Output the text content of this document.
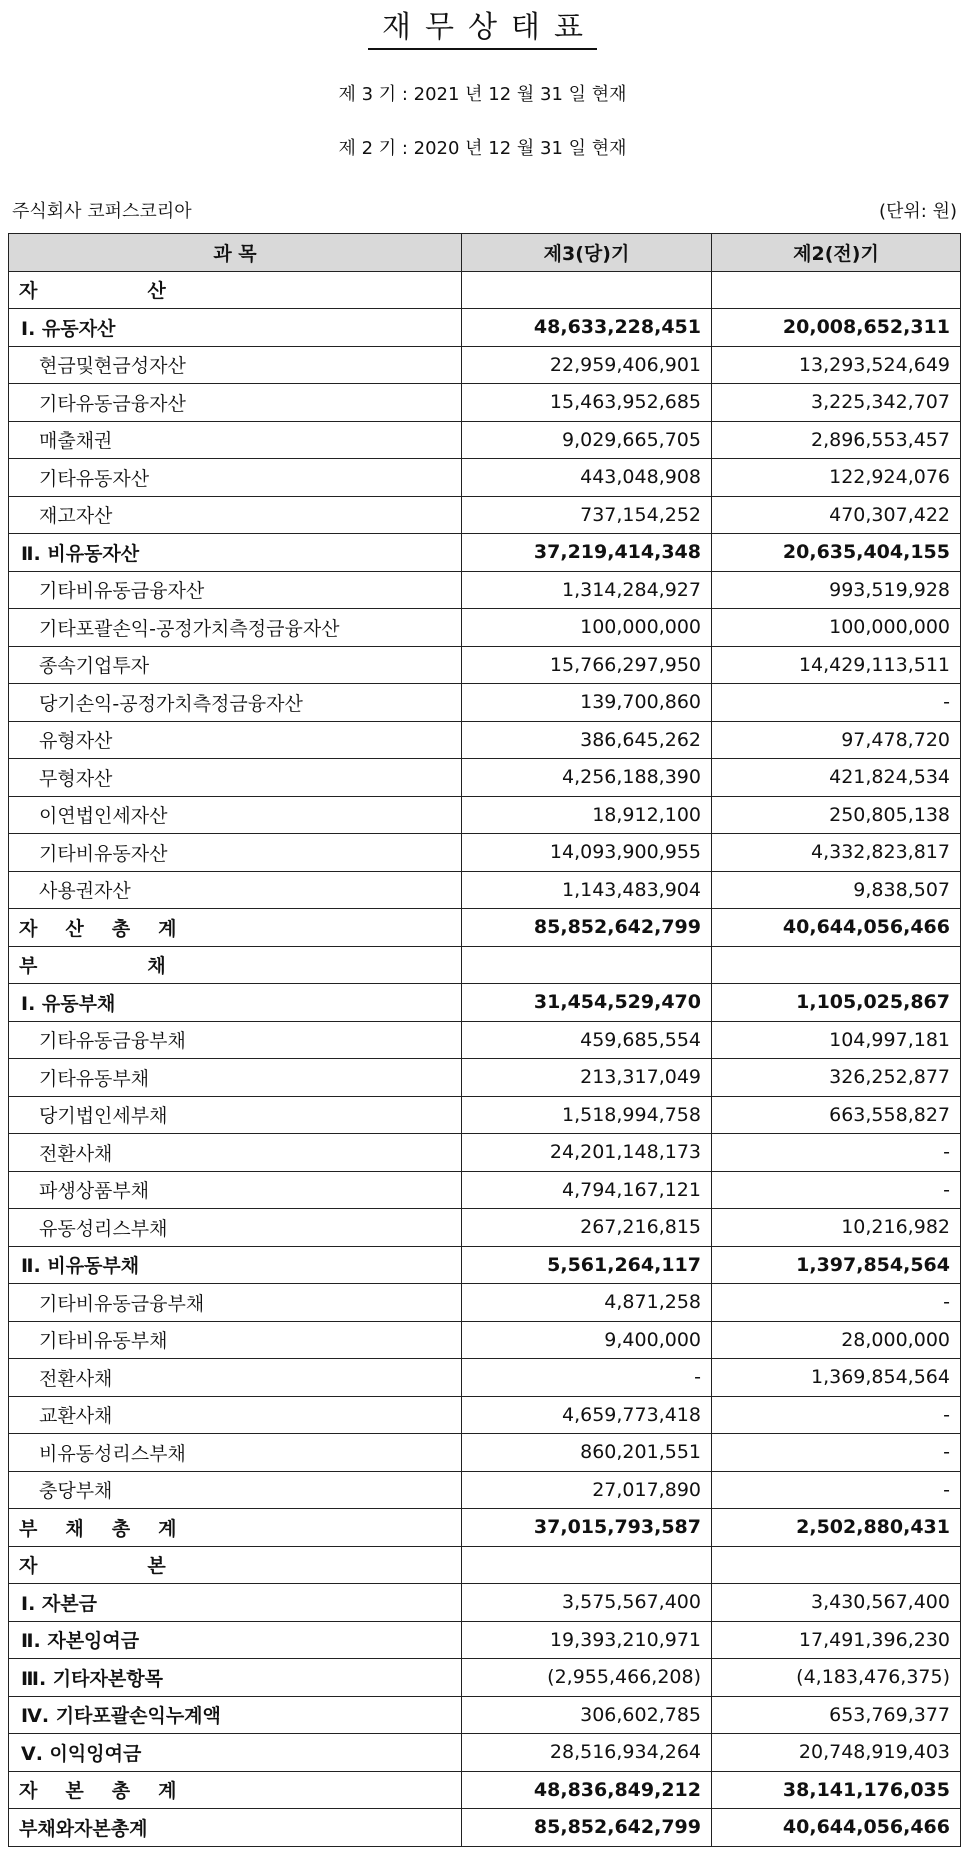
재무상태표
제 3 기 : 2021 년 12 월 31 일 현재
제 2 기 : 2020 년 12 월 31 일 현재
주식회사 코퍼스코리아	(단위: 원)
과 목	제3(당)기	제2(전)기
자 산		
Ⅰ. 유동자산	48,633,228,451	20,008,652,311
현금및현금성자산	22,959,406,901	13,293,524,649
기타유동금융자산	15,463,952,685	3,225,342,707
매출채권	9,029,665,705	2,896,553,457
기타유동자산	443,048,908	122,924,076
재고자산	737,154,252	470,307,422
Ⅱ. 비유동자산	37,219,414,348	20,635,404,155
기타비유동금융자산	1,314,284,927	993,519,928
기타포괄손익-공정가치측정금융자산	100,000,000	100,000,000
종속기업투자	15,766,297,950	14,429,113,511
당기손익-공정가치측정금융자산	139,700,860	-
유형자산	386,645,262	97,478,720
무형자산	4,256,188,390	421,824,534
이연법인세자산	18,912,100	250,805,138
기타비유동자산	14,093,900,955	4,332,823,817
사용권자산	1,143,483,904	9,838,507
자 산 총 계	85,852,642,799	40,644,056,466
부 채		
Ⅰ. 유동부채	31,454,529,470	1,105,025,867
기타유동금융부채	459,685,554	104,997,181
기타유동부채	213,317,049	326,252,877
당기법인세부채	1,518,994,758	663,558,827
전환사채	24,201,148,173	-
파생상품부채	4,794,167,121	-
유동성리스부채	267,216,815	10,216,982
Ⅱ. 비유동부채	5,561,264,117	1,397,854,564
기타비유동금융부채	4,871,258	-
기타비유동부채	9,400,000	28,000,000
전환사채	-	1,369,854,564
교환사채	4,659,773,418	-
비유동성리스부채	860,201,551	-
충당부채	27,017,890	-
부 채 총 계	37,015,793,587	2,502,880,431
자 본		
Ⅰ. 자본금	3,575,567,400	3,430,567,400
Ⅱ. 자본잉여금	19,393,210,971	17,491,396,230
Ⅲ. 기타자본항목	(2,955,466,208)	(4,183,476,375)
Ⅳ. 기타포괄손익누계액	306,602,785	653,769,377
Ⅴ. 이익잉여금	28,516,934,264	20,748,919,403
자 본 총 계	48,836,849,212	38,141,176,035
부채와자본총계	85,852,642,799	40,644,056,466
